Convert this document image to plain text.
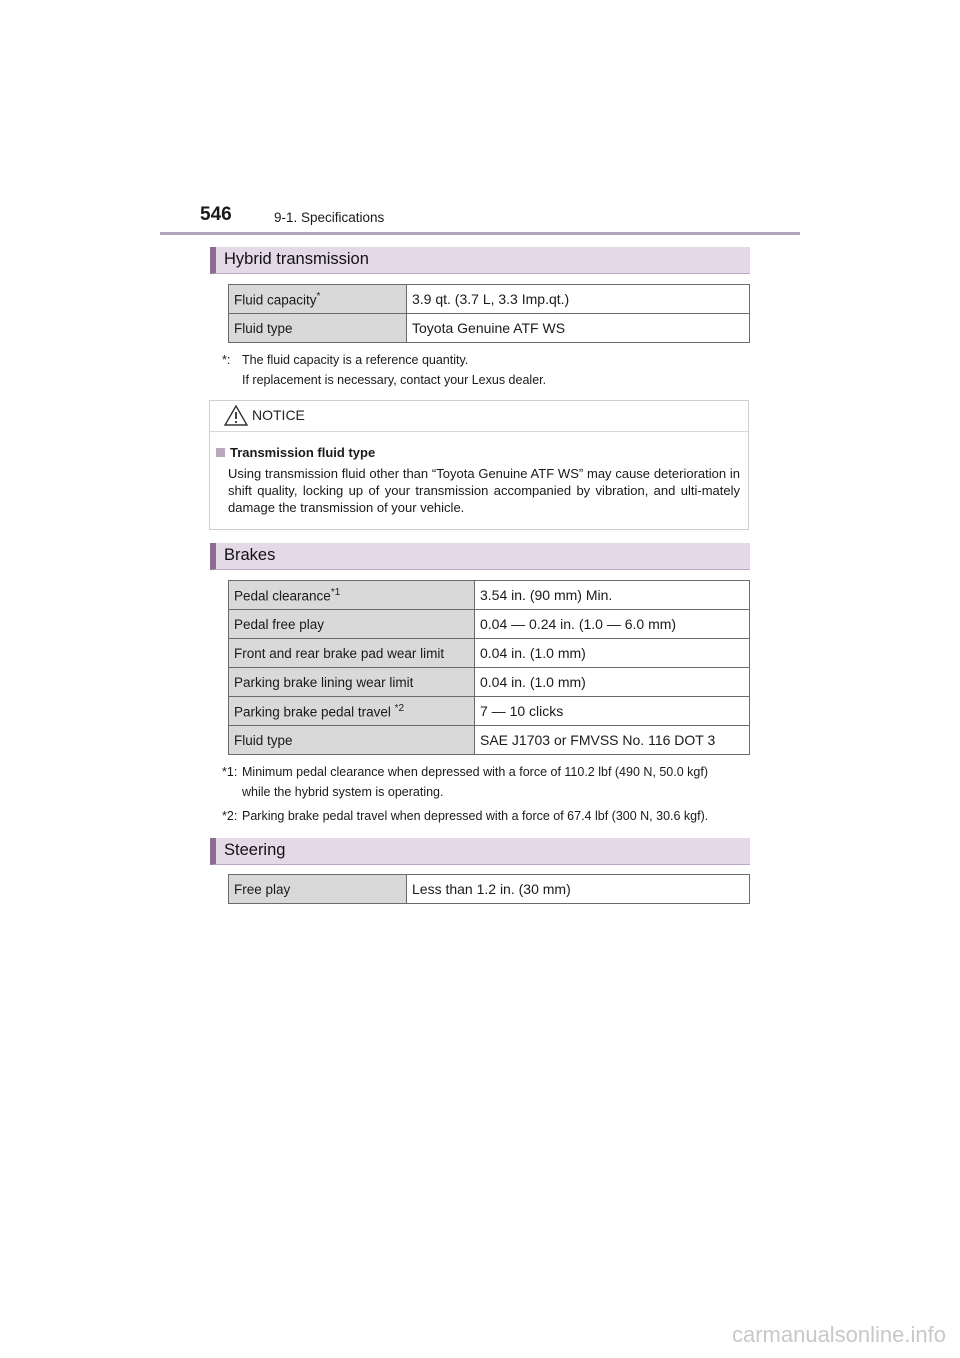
546	9-1. Specifications
Hybrid transmission
Fluid capacity*	3.9 qt. (3.7 L, 3.3 Imp.qt.)
Fluid type	Toyota Genuine ATF WS
*: The fluid capacity is a reference quantity.
If replacement is necessary, contact your Lexus dealer.
NOTICE
Transmission fluid type
Using transmission fluid other than “Toyota Genuine ATF WS” may cause deterioration in shift quality, locking up of your transmission accompanied by vibration, and ulti-mately damage the transmission of your vehicle.
Brakes
Pedal clearance$^{*1}$	3.54 in. (90 mm) Min.
Pedal free play	0.04 — 0.24 in. (1.0 — 6.0 mm)
Front and rear brake pad wear limit	0.04 in. (1.0 mm)
Parking brake lining wear limit	0.04 in. (1.0 mm)
Parking brake pedal travel $^{*2}$	7 — 10 clicks
Fluid type	SAE J1703 or FMVSS No. 116 DOT 3
*1: Minimum pedal clearance when depressed with a force of 110.2 lbf (490 N, 50.0 kgf)
while the hybrid system is operating.
*2: Parking brake pedal travel when depressed with a force of 67.4 lbf (300 N, 30.6 kgf).
Steering
Free play	Less than 1.2 in. (30 mm)
carmanualsonline.info
